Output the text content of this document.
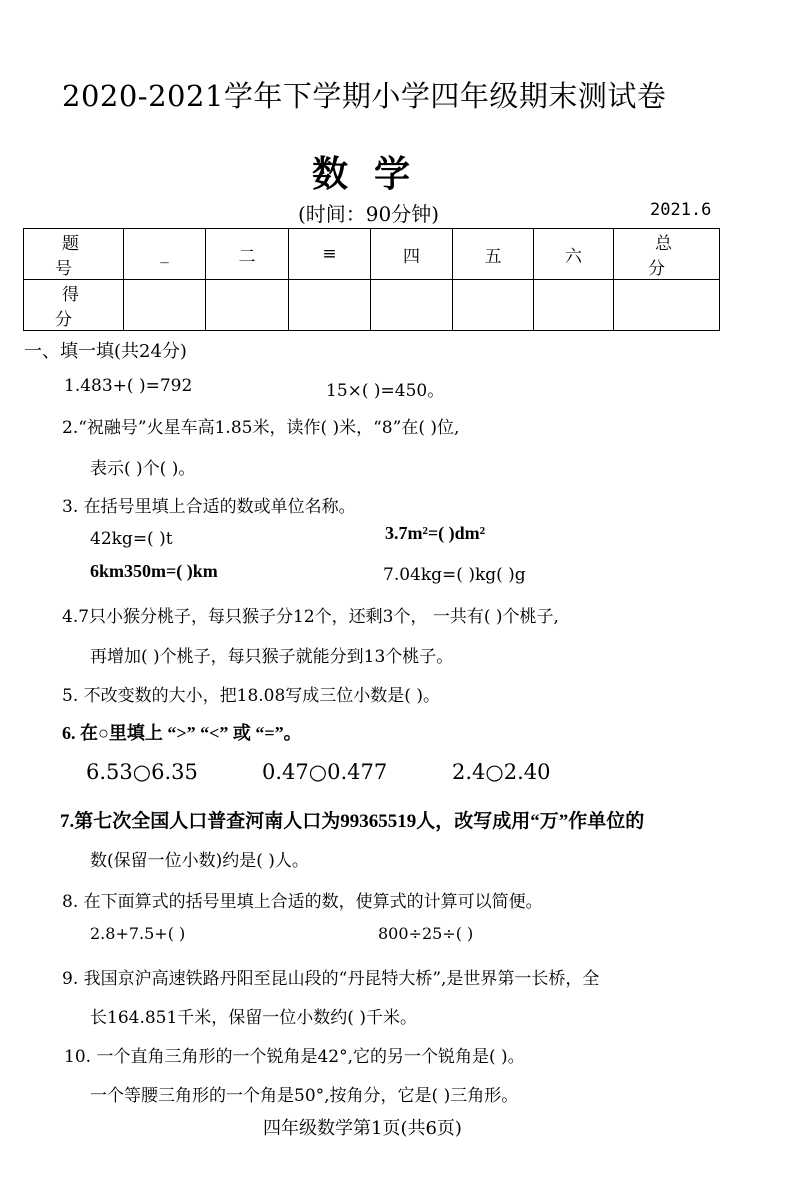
2020-2021学年下学期小学四年级期末测试卷
数学
(时间：90分钟)	2021.6
题 号	_	二	≡	四	五	六	总 分
得 分							
一、填一填(共24分)
1.483+( )=792	15×( )=450。
2.“祝融号”火星车高1.85米，读作( )米，“8”在( )位,
表示( )个( )。
3. 在括号里填上合适的数或单位名称。
42kg=( )t	3.7m²=( )dm²
6km350m=( )km	7.04kg=( )kg( )g
4.7只小猴分桃子，每只猴子分12个，还剩3个， 一共有( )个桃子,
再增加( )个桃子，每只猴子就能分到13个桃子。
5. 不改变数的大小，把18.08写成三位小数是( )。
6. 在○里填上 “>” “<” 或 “=”。
6.53○6.35	0.47○0.477	2.4○2.40
7.第七次全国人口普查河南人口为99365519人，改写成用“万”作单位的
数(保留一位小数)约是( )人。
8. 在下面算式的括号里填上合适的数，使算式的计算可以简便。
2.8+7.5+( )	800÷25÷( )
9. 我国京沪高速铁路丹阳至昆山段的“丹昆特大桥”,是世界第一长桥，全
长164.851千米，保留一位小数约( )千米。
10. 一个直角三角形的一个锐角是42°,它的另一个锐角是( )。
一个等腰三角形的一个角是50°,按角分，它是( )三角形。
四年级数学第1页(共6页)
